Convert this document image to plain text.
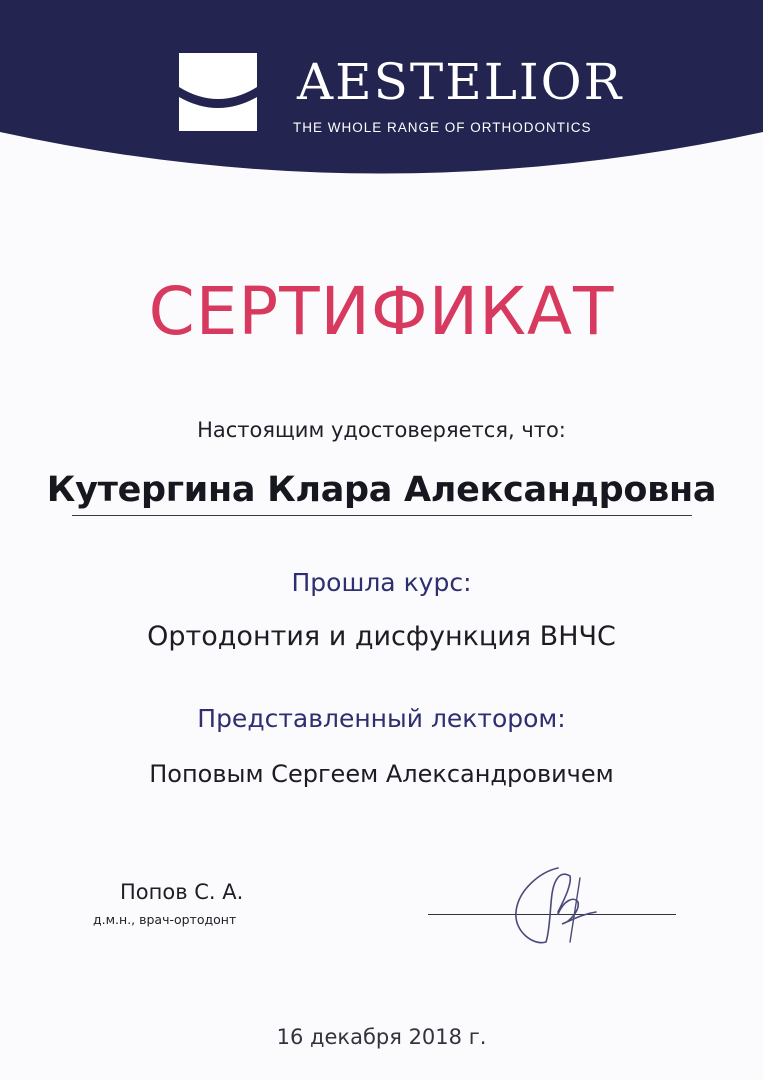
AESTELIOR
THE WHOLE RANGE OF ORTHODONTICS
СЕРТИФИКАТ
Настоящим удостоверяется, что:
Кутергина Клара Александровна
Прошла курс:
Ортодонтия и дисфункция ВНЧС
Представленный лектором:
Поповым Сергеем Александровичем
Попов С. А.
д.м.н., врач-ортодонт
16 декабря 2018 г.
